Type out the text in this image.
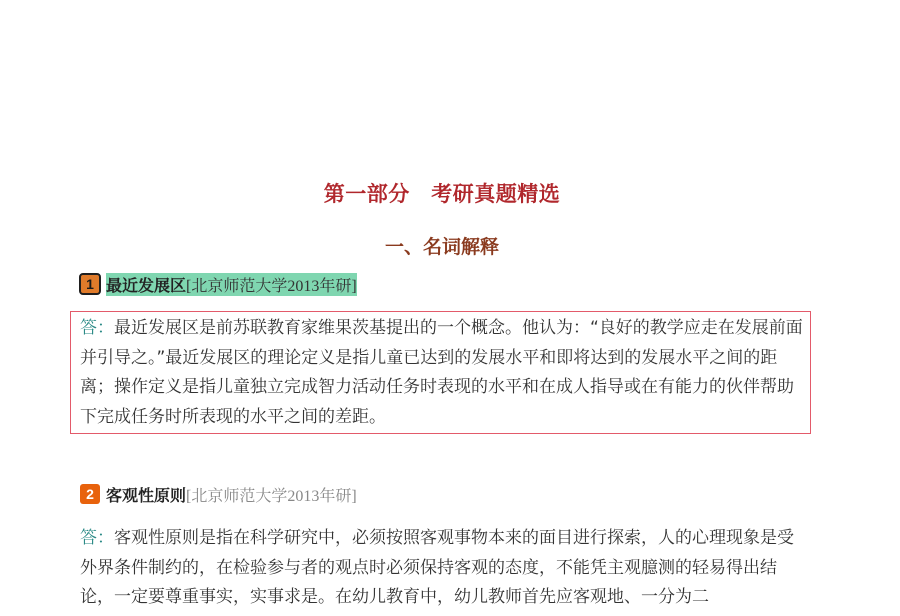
第一部分　考研真题精选
一、名词解释
1 最近发展区[北京师范大学2013年研]
答：最近发展区是前苏联教育家维果茨基提出的一个概念。他认为：“良好的教学应走在发展前面并引导之。”最近发展区的理论定义是指儿童已达到的发展水平和即将达到的发展水平之间的距离；操作定义是指儿童独立完成智力活动任务时表现的水平和在成人指导或在有能力的伙伴帮助下完成任务时所表现的水平之间的差距。
2 客观性原则 [北京师范大学2013年研]
答：客观性原则是指在科学研究中，必须按照客观事物本来的面目进行探索，人的心理现象是受外界条件制约的，在检验参与者的观点时必须保持客观的态度，不能凭主观臆测的轻易得出结论，一定要尊重事实，实事求是。在幼儿教育中，幼儿教师首先应客观地、一分为二
